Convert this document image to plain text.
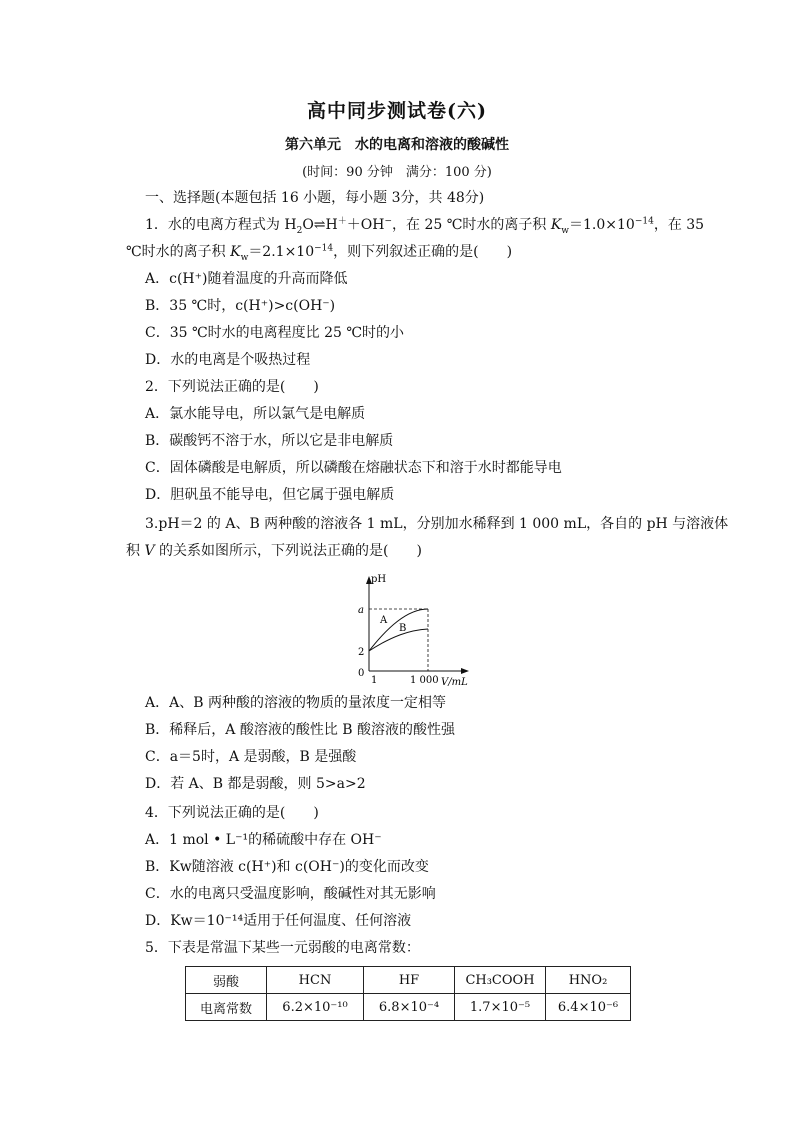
高中同步测试卷(六)
第六单元　水的电离和溶液的酸碱性
(时间：90 分钟　满分：100 分)
一、选择题(本题包括 16 小题，每小题 3分，共 48分)
1．水的电离方程式为 $H_2O\rightleftharpoons H^++OH^-$，在 25 ℃时水的离子积 $K_w=1.0\times 10^{-14}$，在 35
℃时水的离子积 $K_w=2.1\times 10^{-14}$，则下列叙述正确的是(　　)
A．c(H⁺)随着温度的升高而降低
B．35 ℃时，c(H⁺)>c(OH⁻)
C．35 ℃时水的电离程度比 25 ℃时的小
D．水的电离是个吸热过程
2．下列说法正确的是(　　)
A．氯水能导电，所以氯气是电解质
B．碳酸钙不溶于水，所以它是非电解质
C．固体磷酸是电解质，所以磷酸在熔融状态下和溶于水时都能导电
D．胆矾虽不能导电，但它属于强电解质
3.pH＝2 的 A、B 两种酸的溶液各 1 mL，分别加水稀释到 1 000 mL，各自的 pH 与溶液体
积 V 的关系如图所示，下列说法正确的是(　　)
pH
a
2
0
1	1 000 V/mL
A
B
A．A、B 两种酸的溶液的物质的量浓度一定相等
B．稀释后，A 酸溶液的酸性比 B 酸溶液的酸性强
C．a＝5时，A 是弱酸，B 是强酸
D．若 A、B 都是弱酸，则 5>a>2
4．下列说法正确的是(　　)
A．1 mol • L⁻¹的稀硫酸中存在 OH⁻
B．Kw随溶液 c(H⁺)和 c(OH⁻)的变化而改变
C．水的电离只受温度影响，酸碱性对其无影响
D．Kw＝10⁻¹⁴适用于任何温度、任何溶液
5．下表是常温下某些一元弱酸的电离常数：
弱酸	HCN	HF	CH₃COOH	HNO₂
电离常数	6.2×10⁻¹⁰	6.8×10⁻⁴	1.7×10⁻⁵	6.4×10⁻⁶
